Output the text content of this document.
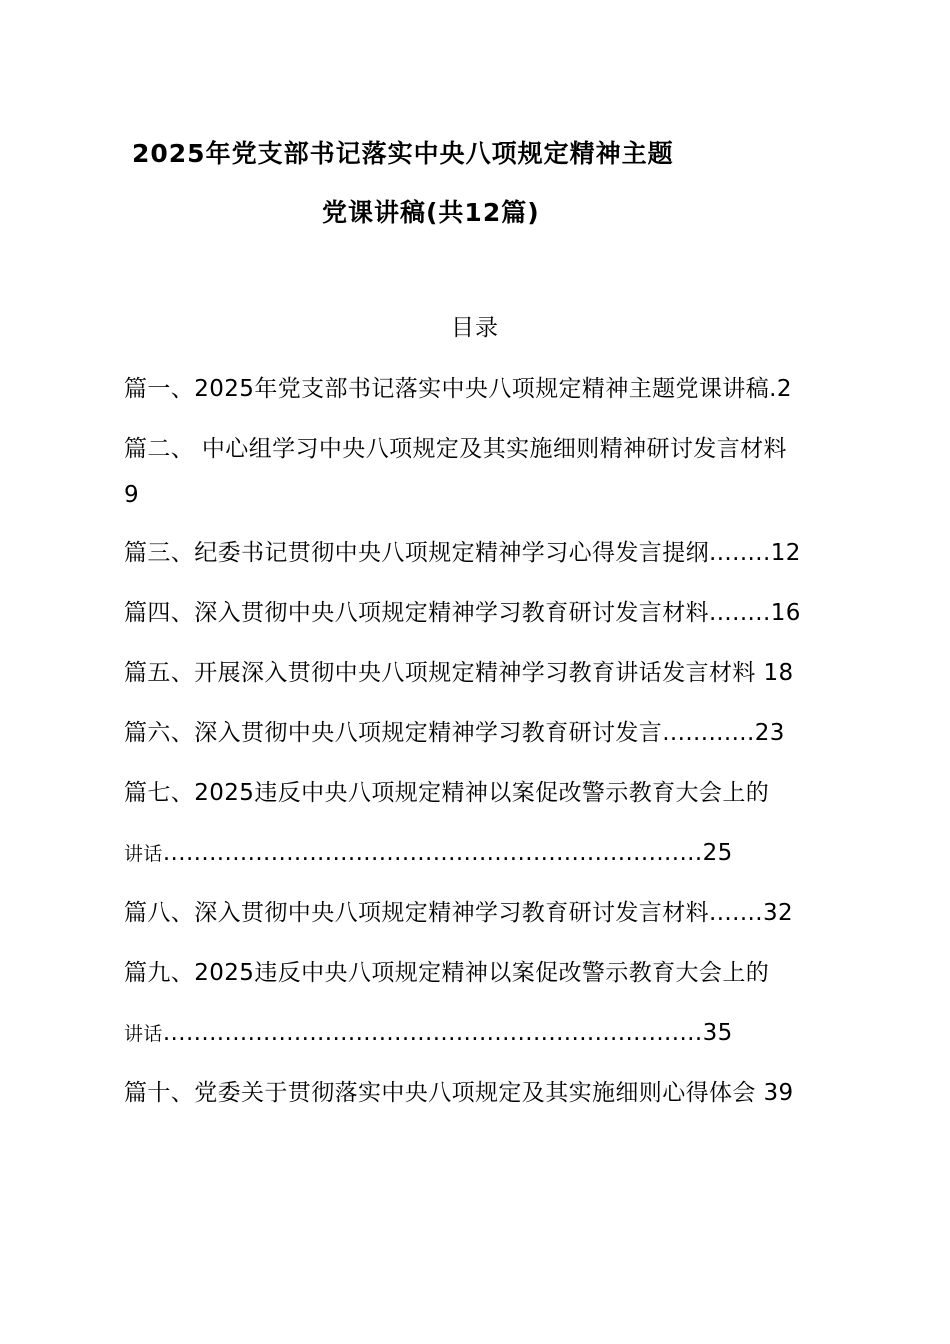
2025年党支部书记落实中央八项规定精神主题
党课讲稿(共12篇)
目录
篇一、2025年党支部书记落实中央八项规定精神主题党课讲稿.2
篇二、 中心组学习中央八项规定及其实施细则精神研讨发言材料
9
篇三、纪委书记贯彻中央八项规定精神学习心得发言提纲........12
篇四、深入贯彻中央八项规定精神学习教育研讨发言材料........16
篇五、开展深入贯彻中央八项规定精神学习教育讲话发言材料 18
篇六、深入贯彻中央八项规定精神学习教育研讨发言............23
篇七、2025违反中央八项规定精神以案促改警示教育大会上的
讲话......................................................................25
篇八、深入贯彻中央八项规定精神学习教育研讨发言材料.......32
篇九、2025违反中央八项规定精神以案促改警示教育大会上的
讲话......................................................................35
篇十、党委关于贯彻落实中央八项规定及其实施细则心得体会 39
